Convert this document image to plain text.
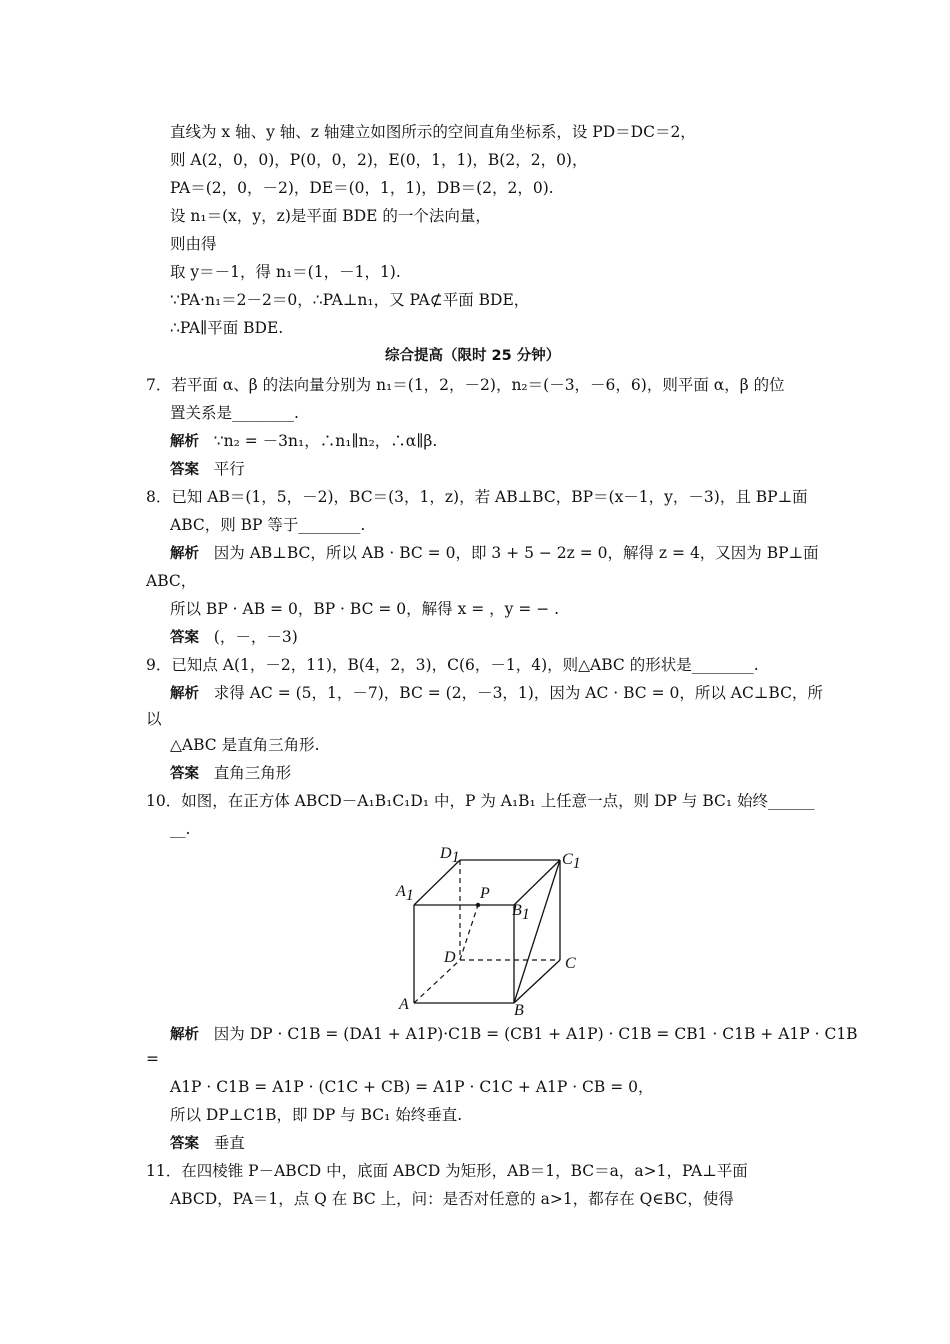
直线为 x 轴、y 轴、z 轴建立如图所示的空间直角坐标系，设 PD＝DC＝2，
则 A(2，0，0)，P(0，0，2)，E(0，1，1)，B(2，2，0)，
PA＝(2，0，－2)，DE＝(0，1，1)，DB＝(2，2，0).
设 n₁＝(x，y，z)是平面 BDE 的一个法向量，
则由得
取 y＝－1，得 n₁＝(1，－1，1).
∵PA·n₁＝2－2＝0，∴PA⊥n₁，又 PA⊄平面 BDE，
∴PA∥平面 BDE.
综合提高（限时 25 分钟）
7．若平面 α、β 的法向量分别为 n₁＝(1，2，－2)，n₂＝(－3，－6，6)，则平面 α，β 的位
置关系是________.
解析 ∵n₂ = －3n₁，∴n₁∥n₂，∴α∥β.
答案 平行
8．已知 AB＝(1，5，－2)，BC＝(3，1，z)，若 AB⊥BC，BP＝(x－1，y，－3)，且 BP⊥面
ABC，则 BP 等于________.
解析 因为 AB⊥BC，所以 AB · BC = 0，即 3 + 5 − 2z = 0，解得 z = 4，又因为 BP⊥面
ABC，
所以 BP · AB = 0，BP · BC = 0，解得 x = ，y = − .
答案 (，－，－3)
9．已知点 A(1，－2，11)，B(4，2，3)，C(6，－1，4)，则△ABC 的形状是________.
解析 求得 AC = (5，1，－7)，BC = (2，－3，1)，因为 AC · BC = 0，所以 AC⊥BC，所
以
△ABC 是直角三角形.
答案 直角三角形
10．如图，在正方体 ABCD－A₁B₁C₁D₁ 中，P 为 A₁B₁ 上任意一点，则 DP 与 BC₁ 始终______
__.
解析 因为 DP · C1B = (DA1 + A1P)·C1B = (CB1 + A1P) · C1B = CB1 · C1B + A1P · C1B
=
A1P · C1B = A1P · (C1C + CB) = A1P · C1C + A1P · CB = 0，
所以 DP⊥C1B，即 DP 与 BC₁ 始终垂直.
答案 垂直
11．在四棱锥 P－ABCD 中，底面 ABCD 为矩形，AB＝1，BC＝a，a>1，PA⊥平面
ABCD，PA＝1，点 Q 在 BC 上，问：是否对任意的 a>1，都存在 Q∈BC，使得
D1	C1
A1	P
B1
D	C
A	B
